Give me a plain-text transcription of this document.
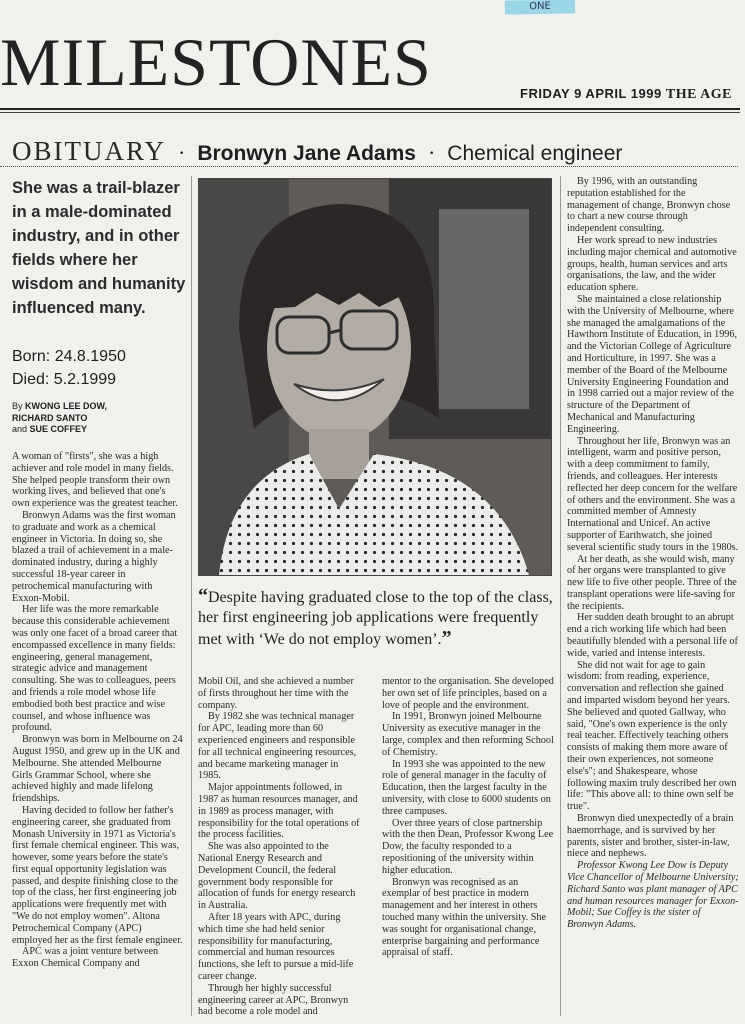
ONE
MILESTONES	FRIDAY 9 APRIL 1999 THE AGE
OBITUARY · Bronwyn Jane Adams · Chemical engineer
She was a trail-blazer in a male-dominated industry, and in other fields where her wisdom and humanity influenced many.
Born: 24.8.1950
Died: 5.2.1999
By KWONG LEE DOW,
RICHARD SANTO
and SUE COFFEY
“Despite having graduated close to the top of the class, her first engineering job applications were frequently met with ‘We do not employ women’.”

A woman of "firsts", she was a high achiever and role model in many fields. She helped people transform their own working lives, and believed that one's own experience was the greatest teacher.

Bronwyn Adams was the first woman to graduate and work as a chemical engineer in Victoria. In doing so, she blazed a trail of achievement in a male-dominated industry, during a highly successful 18-year career in petrochemical manufacturing with Exxon-Mobil.

Her life was the more remarkable because this considerable achievement was only one facet of a broad career that encompassed excellence in many fields: engineering, general management, strategic advice and management consulting. She was to colleagues, peers and friends a role model whose life embodied both best practice and wise counsel, and whose influence was profound.

Bronwyn was born in Melbourne on 24 August 1950, and grew up in the UK and Melbourne. She attended Melbourne Girls Grammar School, where she achieved highly and made lifelong friendships.

Having decided to follow her father's engineering career, she graduated from Monash University in 1971 as Victoria's first female chemical engineer. This was, however, some years before the state's first equal opportunity legislation was passed, and despite finishing close to the top of the class, her first engineering job applications were frequently met with "We do not employ women". Altona Petrochemical Company (APC) employed her as the first female engineer.

APC was a joint venture between Exxon Chemical Company and

Mobil Oil, and she achieved a number of firsts throughout her time with the company.

By 1982 she was technical manager for APC, leading more than 60 experienced engineers and responsible for all technical engineering resources, and became marketing manager in 1985.

Major appointments followed, in 1987 as human resources manager, and in 1989 as process manager, with responsibility for the total operations of the process facilities.

She was also appointed to the National Energy Research and Development Council, the federal government body responsible for allocation of funds for energy research in Australia.

After 18 years with APC, during which time she had held senior responsibility for manufacturing, commercial and human resources functions, she left to pursue a mid-life career change.

Through her highly successful engineering career at APC, Bronwyn had become a role model and

mentor to the organisation. She developed her own set of life principles, based on a love of people and the environment.

In 1991, Bronwyn joined Melbourne University as executive manager in the large, complex and then reforming School of Chemistry.

In 1993 she was appointed to the new role of general manager in the faculty of Education, then the largest faculty in the university, with close to 6000 students on three campuses.

Over three years of close partnership with the then Dean, Professor Kwong Lee Dow, the faculty responded to a repositioning of the university within higher education.

Bronwyn was recognised as an exemplar of best practice in modern management and her interest in others touched many within the university. She was sought for organisational change, enterprise bargaining and performance appraisal of staff.

By 1996, with an outstanding reputation established for the management of change, Bronwyn chose to chart a new course through independent consulting.

Her work spread to new industries including major chemical and automotive groups, health, human services and arts organisations, the law, and the wider education sphere.

She maintained a close relationship with the University of Melbourne, where she managed the amalgamations of the Hawthorn Institute of Education, in 1996, and the Victorian College of Agriculture and Horticulture, in 1997. She was a member of the Board of the Melbourne University Engineering Foundation and in 1998 carried out a major review of the structure of the Department of Mechanical and Manufacturing Engineering.

Throughout her life, Bronwyn was an intelligent, warm and positive person, with a deep commitment to family, friends, and colleagues. Her interests reflected her deep concern for the welfare of others and the environment. She was a committed member of Amnesty International and Unicef. An active supporter of Earthwatch, she joined several scientific study tours in the 1980s.

At her death, as she would wish, many of her organs were transplanted to give new life to five other people. Three of the transplant operations were life-saving for the recipients.

Her sudden death brought to an abrupt end a rich working life which had been beautifully blended with a personal life of wide, varied and intense interests.

She did not wait for age to gain wisdom: from reading, experience, conversation and reflection she gained and imparted wisdom beyond her years. She believed and quoted Gallway, who said, "One's own experience is the only real teacher. Effectively teaching others consists of making them more aware of their own experiences, not someone else's"; and Shakespeare, whose following maxim truly described her own life: "This above all: to thine own self be true".

Bronwyn died unexpectedly of a brain haemorrhage, and is survived by her parents, sister and brother, sister-in-law, niece and nephews.

Professor Kwong Lee Dow is Deputy Vice Chancellor of Melbourne University; Richard Santo was plant manager of APC and human resources manager for Exxon-Mobil; Sue Coffey is the sister of Bronwyn Adams.
